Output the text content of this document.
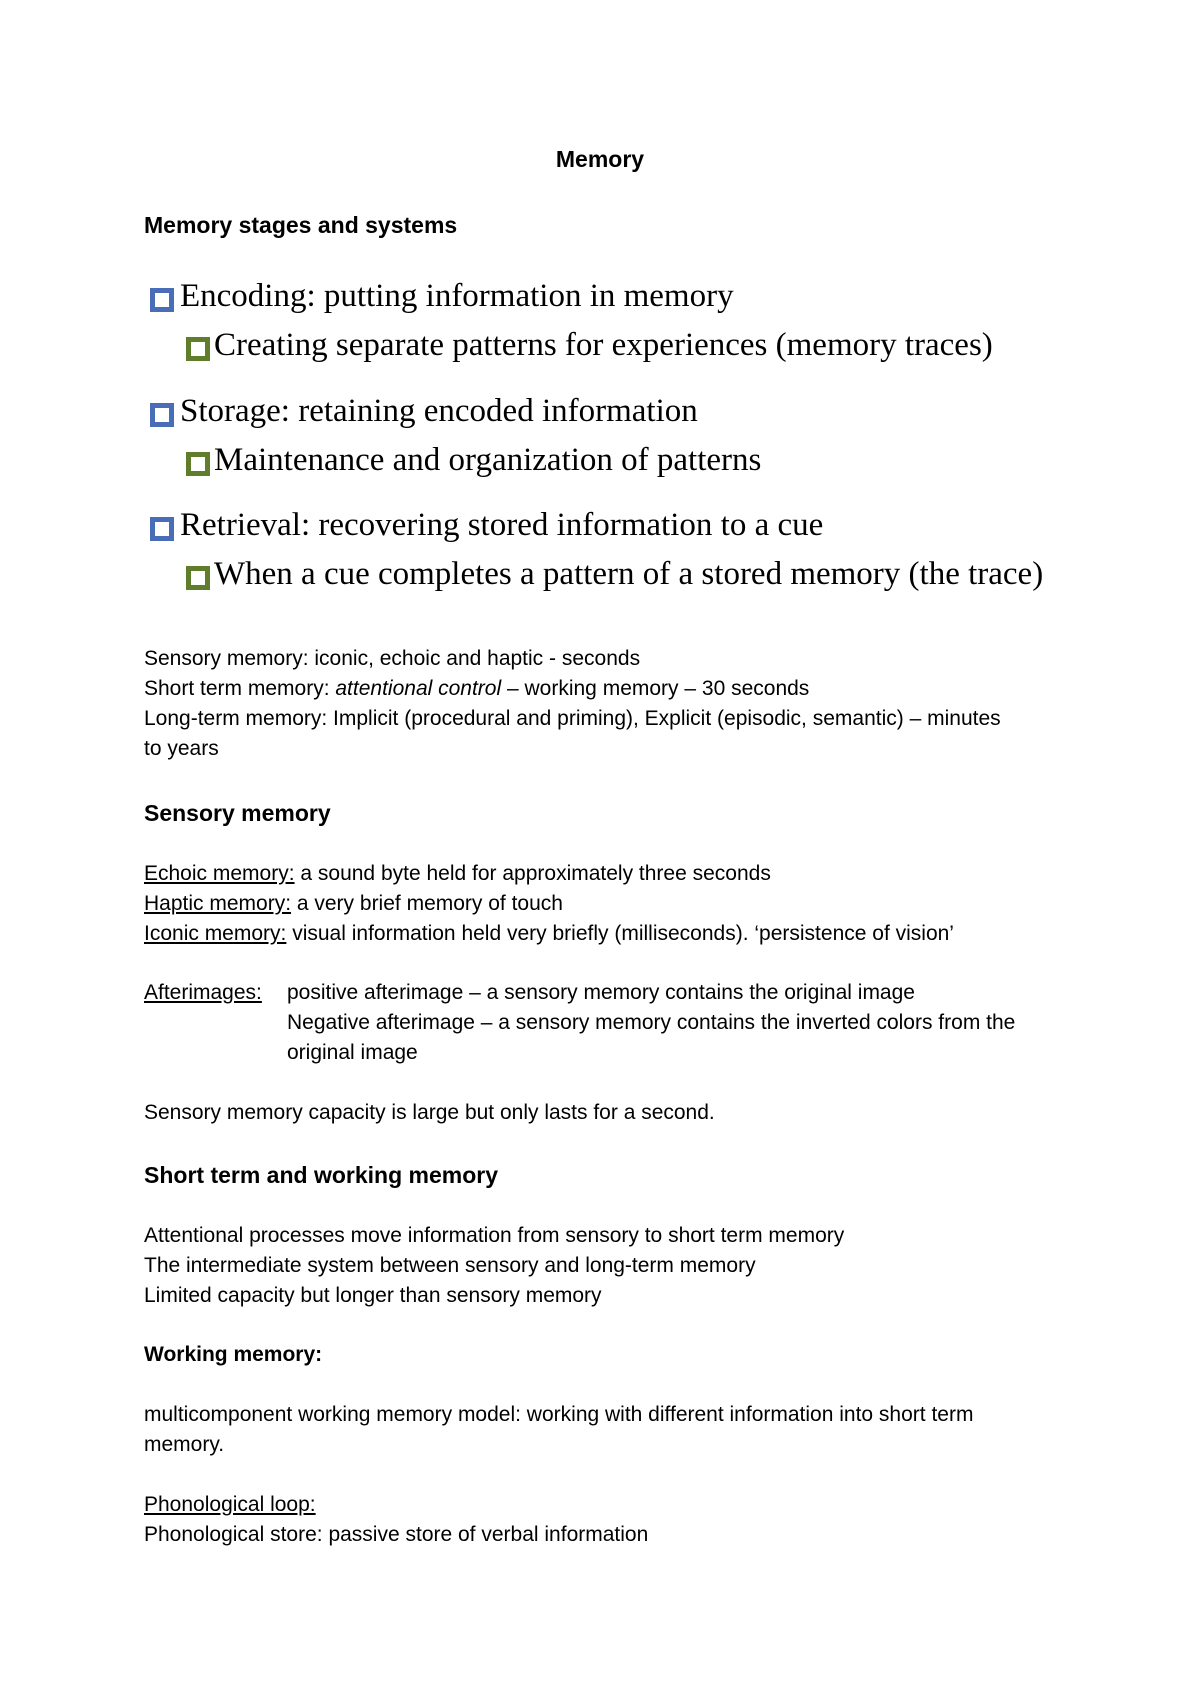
Memory
Memory stages and systems
Encoding: putting information in memory
Creating separate patterns for experiences (memory traces)
Storage: retaining encoded information
Maintenance and organization of patterns
Retrieval: recovering stored information to a cue
When a cue completes a pattern of a stored memory (the trace)
Sensory memory: iconic, echoic and haptic - seconds
Short term memory: attentional control – working memory – 30 seconds
Long-term memory: Implicit (procedural and priming), Explicit (episodic, semantic) – minutes
to years
Sensory memory
Echoic memory: a sound byte held for approximately three seconds
Haptic memory: a very brief memory of touch
Iconic memory: visual information held very briefly (milliseconds). ‘persistence of vision’
Afterimages: positive afterimage – a sensory memory contains the original image
Negative afterimage – a sensory memory contains the inverted colors from the
original image
Sensory memory capacity is large but only lasts for a second.
Short term and working memory
Attentional processes move information from sensory to short term memory
The intermediate system between sensory and long-term memory
Limited capacity but longer than sensory memory
Working memory:
multicomponent working memory model: working with different information into short term
memory.
Phonological loop:
Phonological store: passive store of verbal information
